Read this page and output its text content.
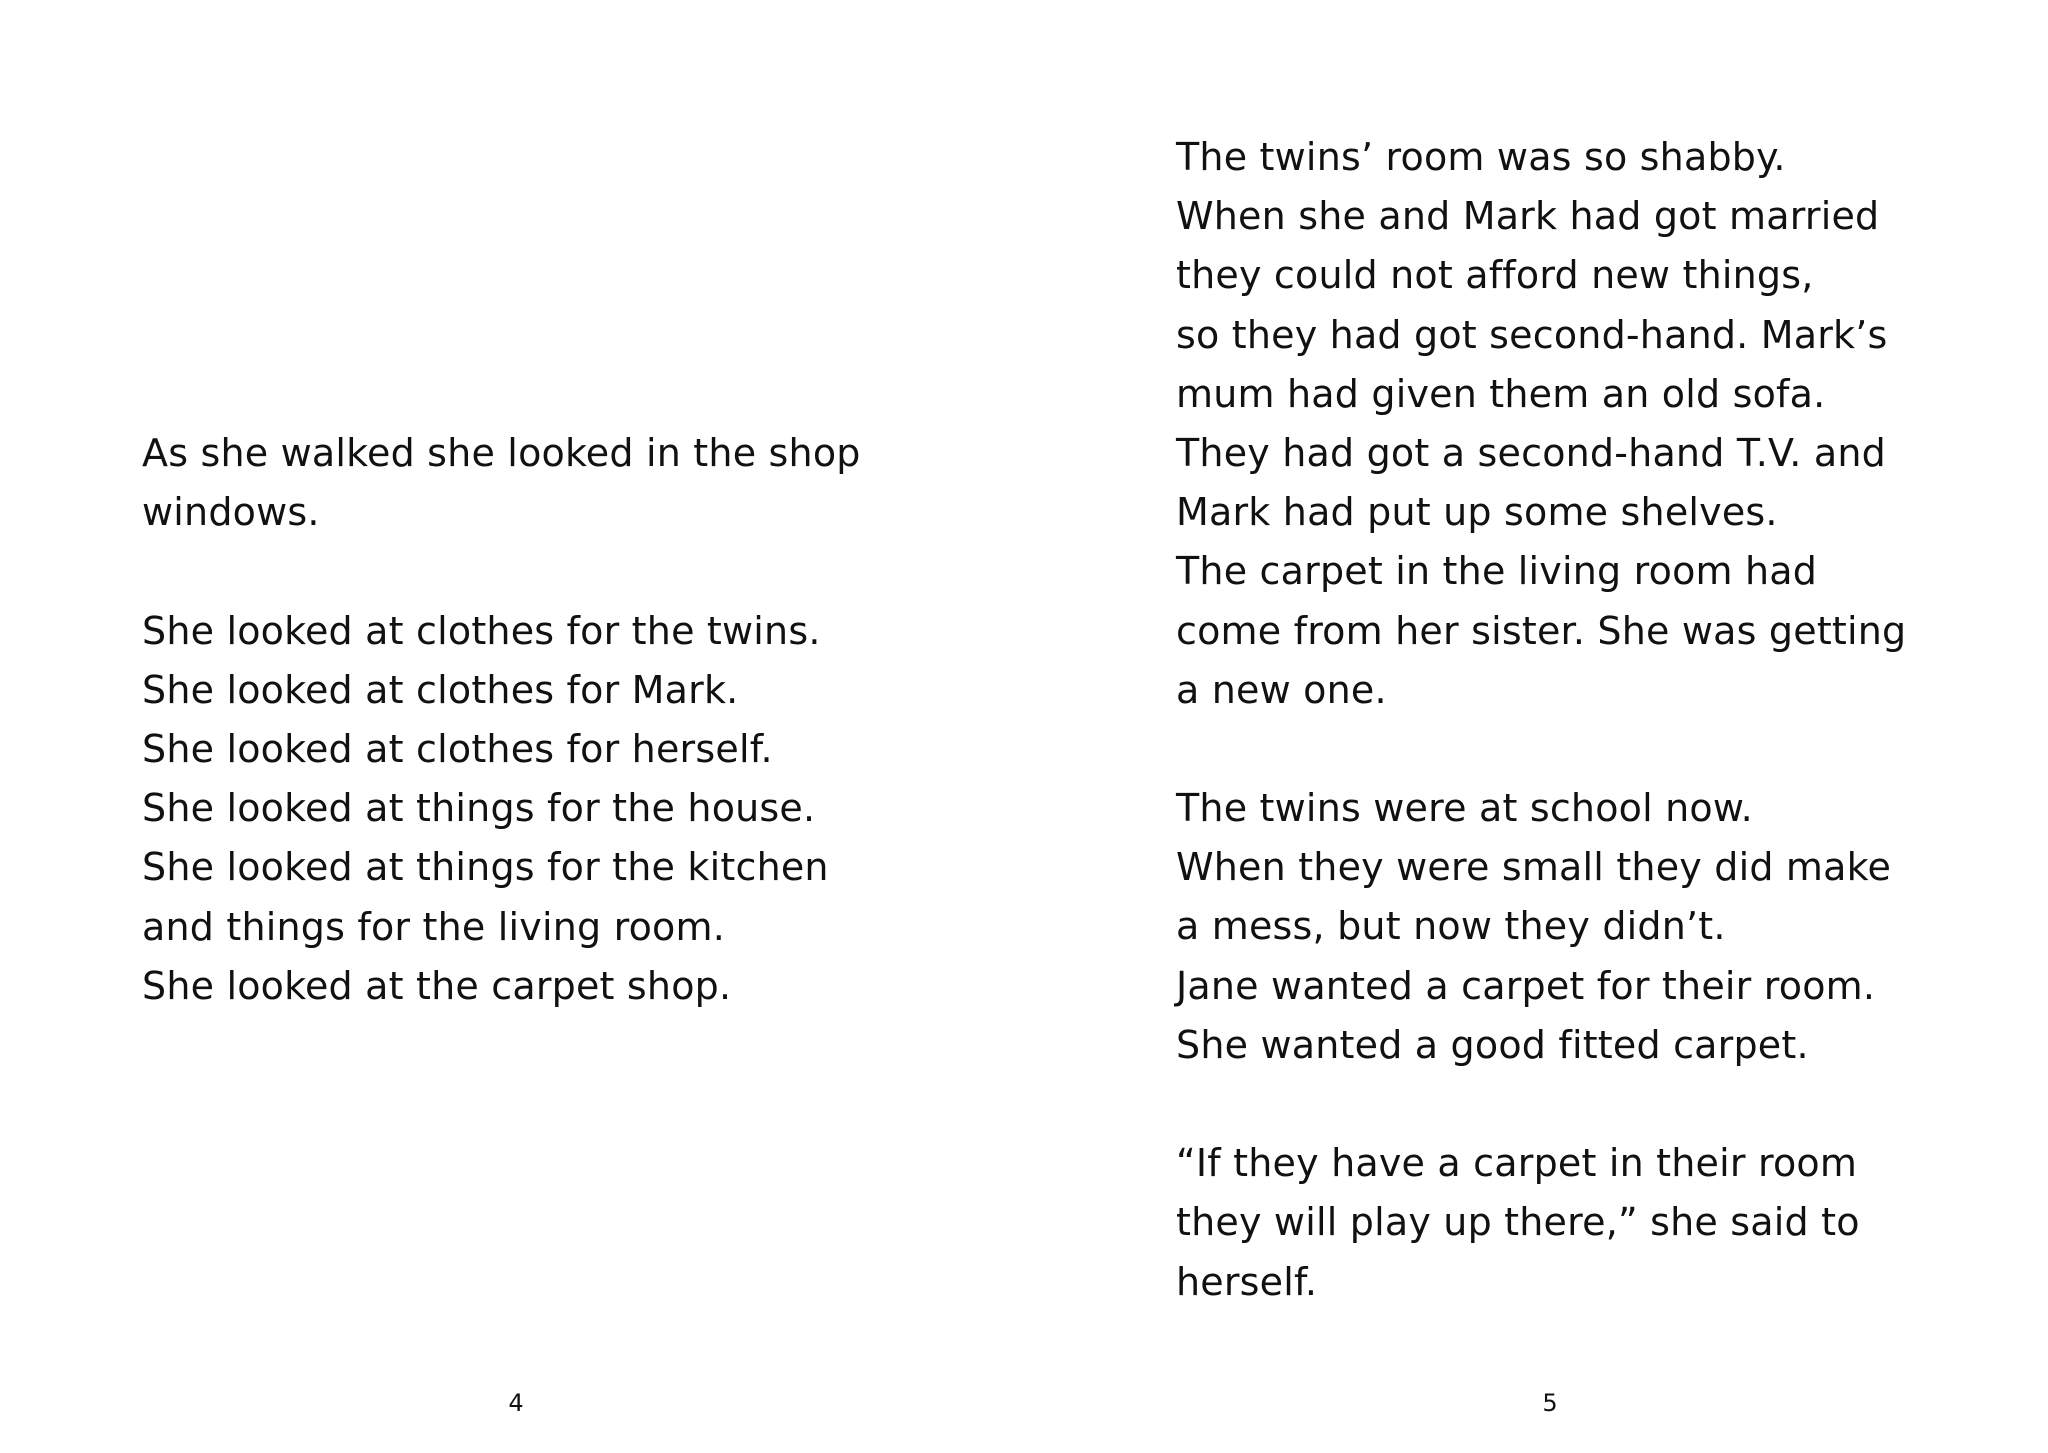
As she walked she looked in the shop
windows.
She looked at clothes for the twins.
She looked at clothes for Mark.
She looked at clothes for herself.
She looked at things for the house.
She looked at things for the kitchen
and things for the living room.
She looked at the carpet shop.
4
The twins’ room was so shabby.
When she and Mark had got married
they could not afford new things,
so they had got second-hand. Mark’s
mum had given them an old sofa.
They had got a second-hand T.V. and
Mark had put up some shelves.
The carpet in the living room had
come from her sister. She was getting
a new one.
The twins were at school now.
When they were small they did make
a mess, but now they didn’t.
Jane wanted a carpet for their room.
She wanted a good fitted carpet.
“If they have a carpet in their room
they will play up there,” she said to
herself.
5
